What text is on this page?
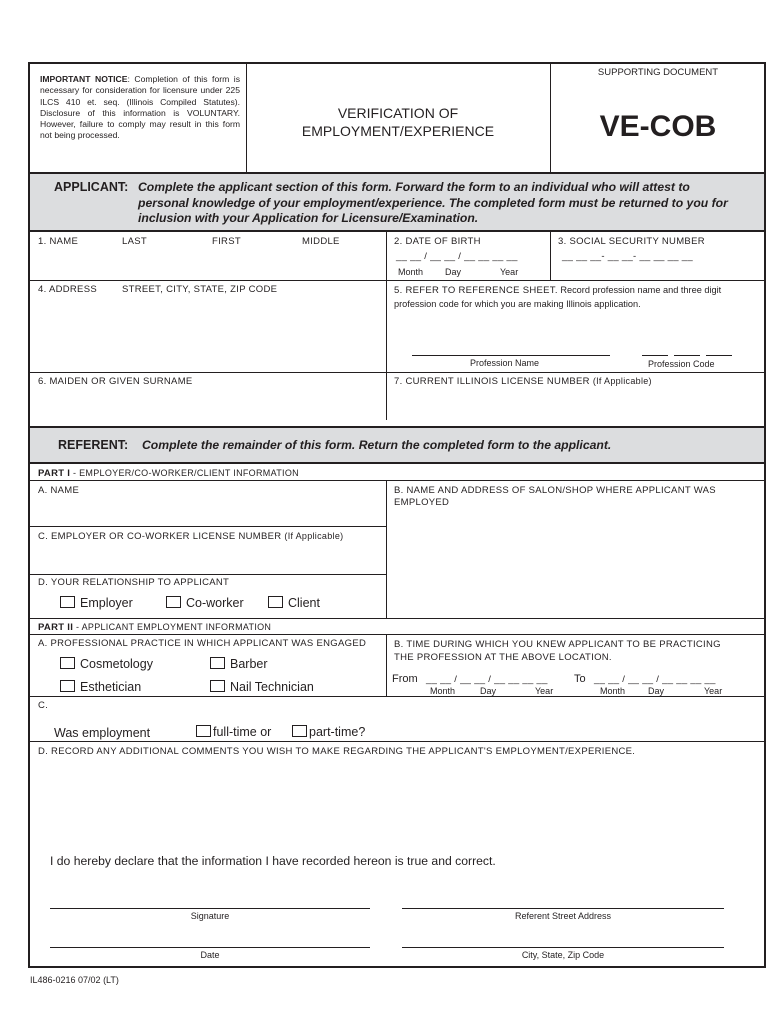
IMPORTANT NOTICE: Completion of this form is necessary for consideration for licensure under 225 ILCS 410 et. seq. (Illinois Compiled Statutes). Disclosure of this information is VOLUNTARY. However, failure to comply may result in this form not being processed.
VERIFICATION OF
EMPLOYMENT/EXPERIENCE
SUPPORTING DOCUMENT
VE-COB
APPLICANT: Complete the applicant section of this form. Forward the form to an individual who will attest to personal knowledge of your employment/experience. The completed form must be returned to you for inclusion with your Application for Licensure/Examination.
1. NAME	LAST	FIRST	MIDDLE	2. DATE OF BIRTH
__ __ / __ __ / __ __ __ __
Month Day	Year
3. SOCIAL SECURITY NUMBER
__ __ __- __ __- __ __ __ __
4. ADDRESS	STREET, CITY, STATE, ZIP CODE	5. REFER TO REFERENCE SHEET. Record profession name and three digit profession code for which you are making Illinois application.
Profession Name	Profession Code
6. MAIDEN OR GIVEN SURNAME	7. CURRENT ILLINOIS LICENSE NUMBER (If Applicable)
REFERENT: Complete the remainder of this form. Return the completed form to the applicant.
PART I - EMPLOYER/CO-WORKER/CLIENT INFORMATION
A. NAME	B. NAME AND ADDRESS OF SALON/SHOP WHERE APPLICANT WAS EMPLOYED
C. EMPLOYER OR CO-WORKER LICENSE NUMBER (If Applicable)
D. YOUR RELATIONSHIP TO APPLICANT
Employer	Co-worker	Client
PART II - APPLICANT EMPLOYMENT INFORMATION
A. PROFESSIONAL PRACTICE IN WHICH APPLICANT WAS ENGAGED
Cosmetology	Barber
Esthetician	Nail Technician
B. TIME DURING WHICH YOU KNEW APPLICANT TO BE PRACTICING THE PROFESSION AT THE ABOVE LOCATION.
From __ __ / __ __ / __ __ __ __ To __ __ / __ __ / __ __ __ __
Month	Day	Year	Month	Day	Year
C.
Was employment	full-time or	part-time?
D. RECORD ANY ADDITIONAL COMMENTS YOU WISH TO MAKE REGARDING THE APPLICANT'S EMPLOYMENT/EXPERIENCE.
I do hereby declare that the information I have recorded hereon is true and correct.
Signature	Referent Street Address
Date	City, State, Zip Code
IL486-0216 07/02 (LT)
